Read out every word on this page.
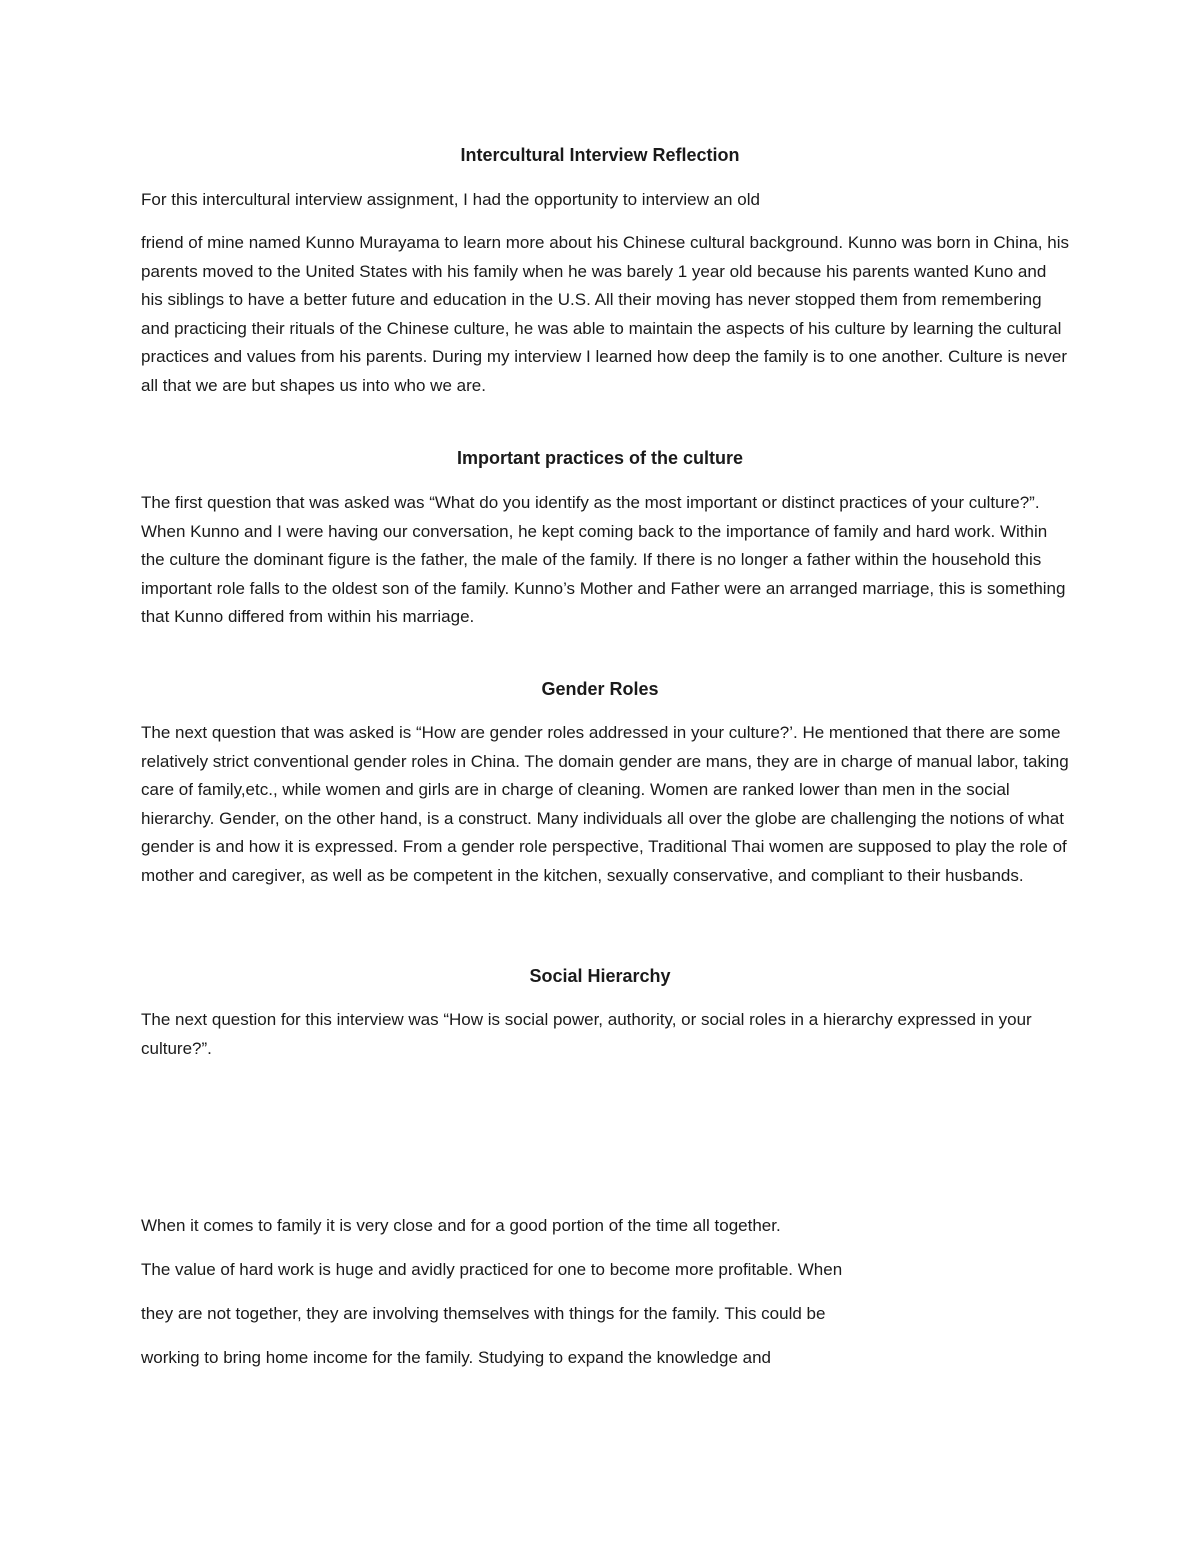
Intercultural Interview Reflection

For this intercultural interview assignment, I had the opportunity to interview an old

friend of mine named Kunno Murayama to learn more about his Chinese cultural background. Kunno was born in China, his parents moved to the United States with his family when he was barely 1 year old because his parents wanted Kuno and his siblings to have a better future and education in the U.S. All their moving has never stopped them from remembering and practicing their rituals of the Chinese culture, he was able to maintain the aspects of his culture by learning the cultural practices and values from his parents. During my interview I learned how deep the family is to one another. Culture is never all that we are but shapes us into who we are.

Important practices of the culture

The first question that was asked was “What do you identify as the most important or distinct practices of your culture?”. When Kunno and I were having our conversation, he kept coming back to the importance of family and hard work. Within the culture the dominant figure is the father, the male of the family. If there is no longer a father within the household this important role falls to the oldest son of the family. Kunno’s Mother and Father were an arranged marriage, this is something that Kunno differed from within his marriage.

Gender Roles

The next question that was asked is “How are gender roles addressed in your culture?’. He mentioned that there are some relatively strict conventional gender roles in China. The domain gender are mans, they are in charge of manual labor, taking care of family,etc., while women and girls are in charge of cleaning. Women are ranked lower than men in the social hierarchy. Gender, on the other hand, is a construct. Many individuals all over the globe are challenging the notions of what gender is and how it is expressed. From a gender role perspective, Traditional Thai women are supposed to play the role of mother and caregiver, as well as be competent in the kitchen, sexually conservative, and compliant to their husbands.

Social Hierarchy

The next question for this interview was “How is social power, authority, or social roles in a hierarchy expressed in your culture?”.

When it comes to family it is very close and for a good portion of the time all together.

The value of hard work is huge and avidly practiced for one to become more profitable. When

they are not together, they are involving themselves with things for the family. This could be

working to bring home income for the family. Studying to expand the knowledge and
